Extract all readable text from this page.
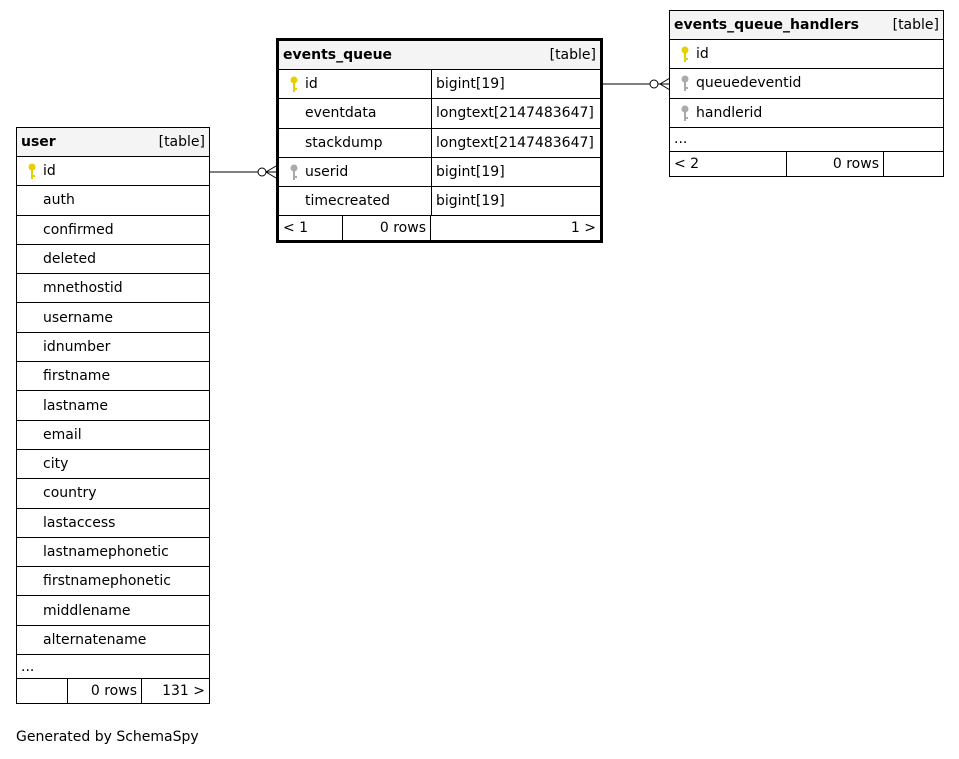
user	[table]
id
auth
confirmed
deleted
mnethostid
username
idnumber
firstname
lastname
email
city
country
lastaccess
lastnamephonetic
firstnamephonetic
middlename
alternatename
...
0 rows	131 >
events_queue	[table]
id	bigint[19]
eventdata	longtext[2147483647]
stackdump	longtext[2147483647]
userid	bigint[19]
timecreated	bigint[19]
< 1	0 rows	1 >
events_queue_handlers [table]
id
queuedeventid
handlerid
...
< 2	0 rows
Generated by SchemaSpy
